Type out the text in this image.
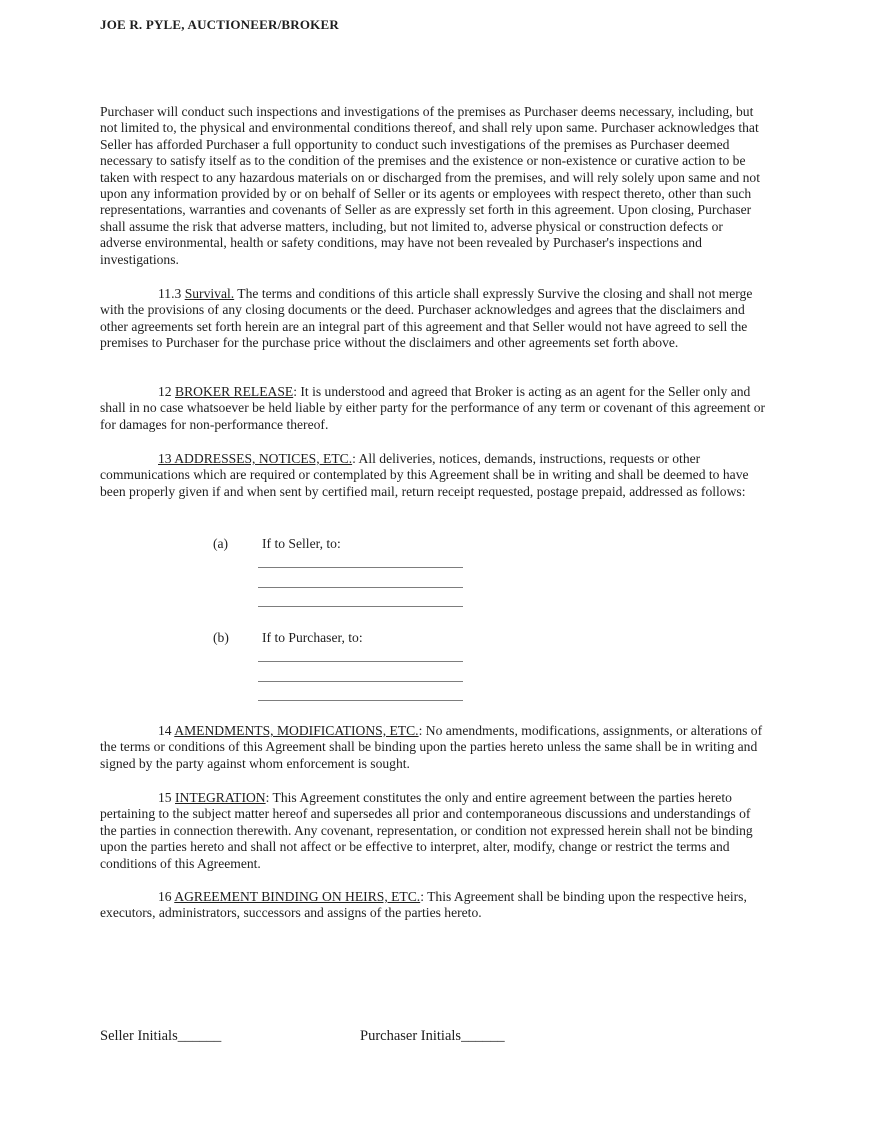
JOE R. PYLE, AUCTIONEER/BROKER

Purchaser will conduct such inspections and investigations of the premises as Purchaser deems necessary, including, but not limited to, the physical and environmental conditions thereof, and shall rely upon same. Purchaser acknowledges that Seller has afforded Purchaser a full opportunity to conduct such investigations of the premises as Purchaser deemed necessary to satisfy itself as to the condition of the premises and the existence or non-existence or curative action to be taken with respect to any hazardous materials on or discharged from the premises, and will rely solely upon same and not upon any information provided by or on behalf of Seller or its agents or employees with respect thereto, other than such representations, warranties and covenants of Seller as are expressly set forth in this agreement. Upon closing, Purchaser shall assume the risk that adverse matters, including, but not limited to, adverse physical or construction defects or adverse environmental, health or safety conditions, may have not been revealed by Purchaser's inspections and investigations.

11.3 Survival. The terms and conditions of this article shall expressly Survive the closing and shall not merge with the provisions of any closing documents or the deed. Purchaser acknowledges and agrees that the disclaimers and other agreements set forth herein are an integral part of this agreement and that Seller would not have agreed to sell the premises to Purchaser for the purchase price without the disclaimers and other agreements set forth above.

12 BROKER RELEASE: It is understood and agreed that Broker is acting as an agent for the Seller only and shall in no case whatsoever be held liable by either party for the performance of any term or covenant of this agreement or for damages for non-performance thereof.

13 ADDRESSES, NOTICES, ETC.: All deliveries, notices, demands, instructions, requests or other communications which are required or contemplated by this Agreement shall be in writing and shall be deemed to have been properly given if and when sent by certified mail, return receipt requested, postage prepaid, addressed as follows:

(a)	If to Seller, to:
(b)	If to Purchaser, to:

14 AMENDMENTS, MODIFICATIONS, ETC.: No amendments, modifications, assignments, or alterations of the terms or conditions of this Agreement shall be binding upon the parties hereto unless the same shall be in writing and signed by the party against whom enforcement is sought.

15 INTEGRATION: This Agreement constitutes the only and entire agreement between the parties hereto pertaining to the subject matter hereof and supersedes all prior and contemporaneous discussions and understandings of the parties in connection therewith. Any covenant, representation, or condition not expressed herein shall not be binding upon the parties hereto and shall not affect or be effective to interpret, alter, modify, change or restrict the terms and conditions of this Agreement.

16 AGREEMENT BINDING ON HEIRS, ETC.: This Agreement shall be binding upon the respective heirs, executors, administrators, successors and assigns of the parties hereto.

Seller Initials______	Purchaser Initials______
